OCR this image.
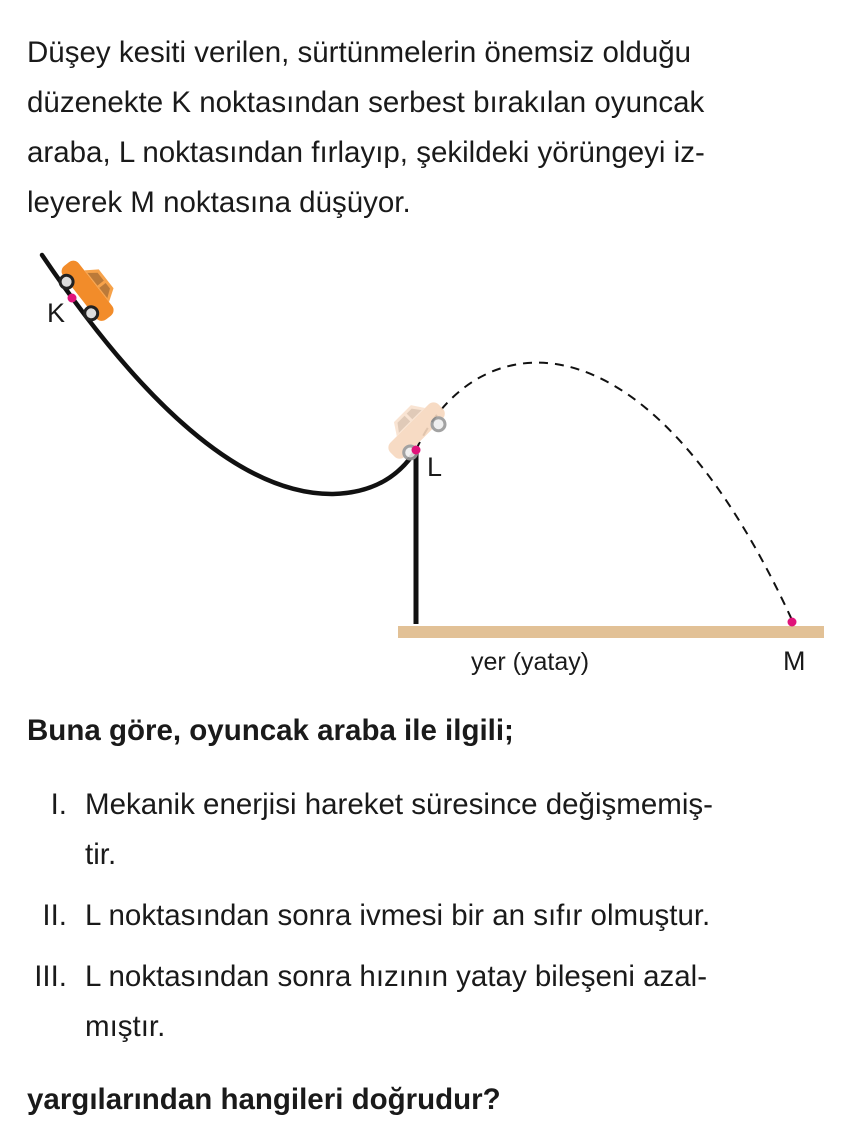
Düşey kesiti verilen, sürtünmelerin önemsiz olduğu
düzenekte K noktasından serbest bırakılan oyuncak
araba, L noktasından fırlayıp, şekildeki yörüngeyi iz-
leyerek M noktasına düşüyor.
K
L
M
yer (yatay)

Buna göre, oyuncak araba ile ilgili;

I. Mekanik enerjisi hareket süresince değişmemiş-
tir.
II. L noktasından sonra ivmesi bir an sıfır olmuştur.
III. L noktasından sonra hızının yatay bileşeni azal-
mıştır.

yargılarından hangileri doğrudur?
